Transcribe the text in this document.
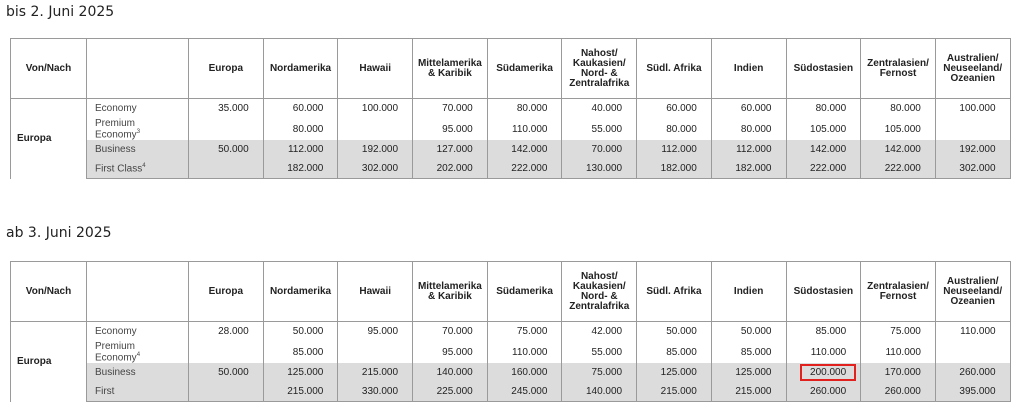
bis 2. Juni 2025
Von/Nach		Europa	Nordamerika	Hawaii	Mittelamerika & Karibik	Südamerika	Nahost/ Kaukasien/ Nord- & Zentralafrika	Südl. Afrika	Indien	Südostasien	Zentralasien/ Fernost	Australien/ Neuseeland/ Ozeanien
Europa	Economy	35.000	60.000	100.000	70.000	80.000	40.000	60.000	60.000	80.000	80.000	100.000
	Premium Economy$^3$		80.000		95.000	110.000	55.000	80.000	80.000	105.000	105.000	
	Business	50.000	112.000	192.000	127.000	142.000	70.000	112.000	112.000	142.000	142.000	192.000
	First Class$^4$		182.000	302.000	202.000	222.000	130.000	182.000	182.000	222.000	222.000	302.000
ab 3. Juni 2025
Von/Nach		Europa	Nordamerika	Hawaii	Mittelamerika & Karibik	Südamerika	Nahost/ Kaukasien/ Nord- & Zentralafrika	Südl. Afrika	Indien	Südostasien	Zentralasien/ Fernost	Australien/ Neuseeland/ Ozeanien
Europa	Economy	28.000	50.000	95.000	70.000	75.000	42.000	50.000	50.000	85.000	75.000	110.000
	Premium Economy$^4$		85.000		95.000	110.000	55.000	85.000	85.000	110.000	110.000	
	Business	50.000	125.000	215.000	140.000	160.000	75.000	125.000	125.000	200.000	170.000	260.000
	First		215.000	330.000	225.000	245.000	140.000	215.000	215.000	260.000	260.000	395.000
